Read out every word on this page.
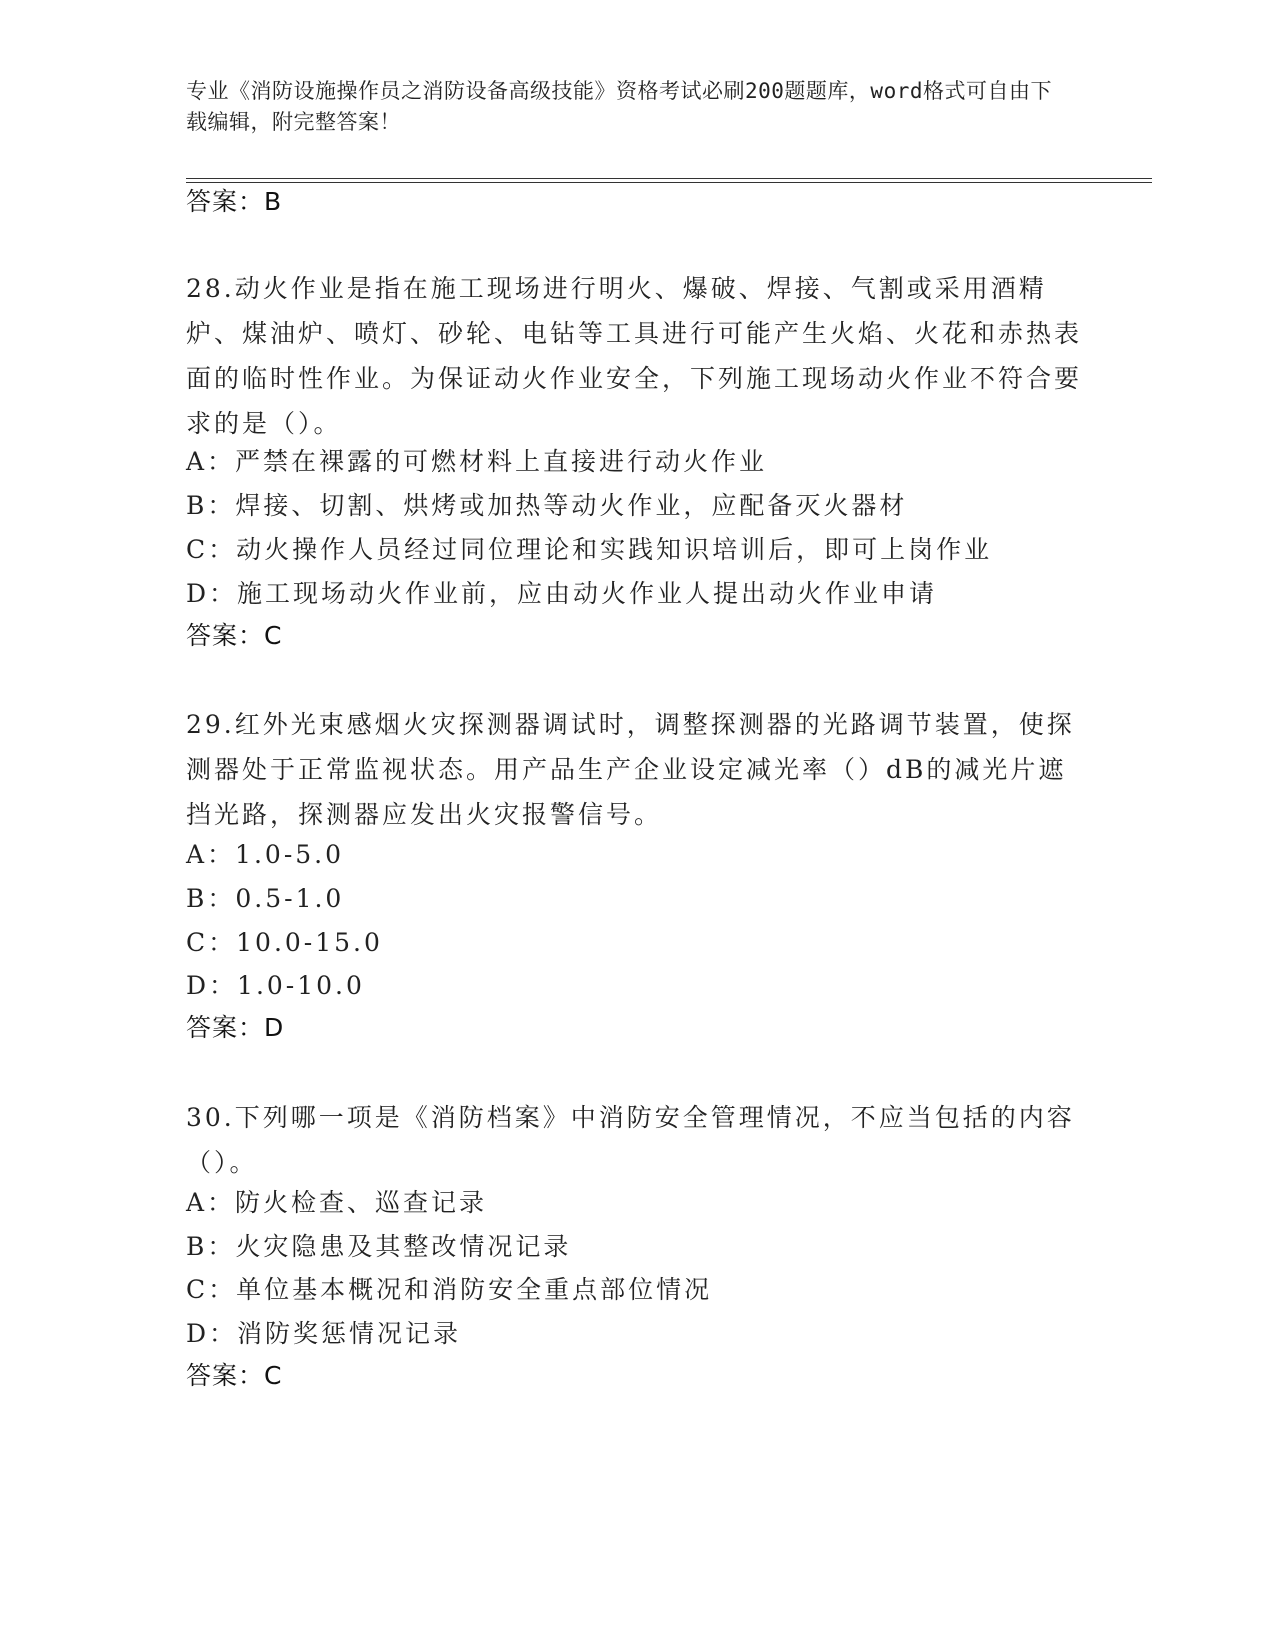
专业《消防设施操作员之消防设备高级技能》资格考试必刷200题题库，word格式可自由下载编辑，附完整答案！
答案：B
28.动火作业是指在施工现场进行明火、爆破、焊接、气割或采用酒精炉、煤油炉、喷灯、砂轮、电钻等工具进行可能产生火焰、火花和赤热表面的临时性作业。为保证动火作业安全，下列施工现场动火作业不符合要求的是（）。
A：严禁在裸露的可燃材料上直接进行动火作业
B：焊接、切割、烘烤或加热等动火作业，应配备灭火器材
C：动火操作人员经过同位理论和实践知识培训后，即可上岗作业
D：施工现场动火作业前，应由动火作业人提出动火作业申请
答案：C
29.红外光束感烟火灾探测器调试时，调整探测器的光路调节装置，使探测器处于正常监视状态。用产品生产企业设定减光率（）dB的减光片遮挡光路，探测器应发出火灾报警信号。
A：1.0-5.0
B：0.5-1.0
C：10.0-15.0
D：1.0-10.0
答案：D
30.下列哪一项是《消防档案》中消防安全管理情况，不应当包括的内容（）。
A：防火检查、巡查记录
B：火灾隐患及其整改情况记录
C：单位基本概况和消防安全重点部位情况
D：消防奖惩情况记录
答案：C
